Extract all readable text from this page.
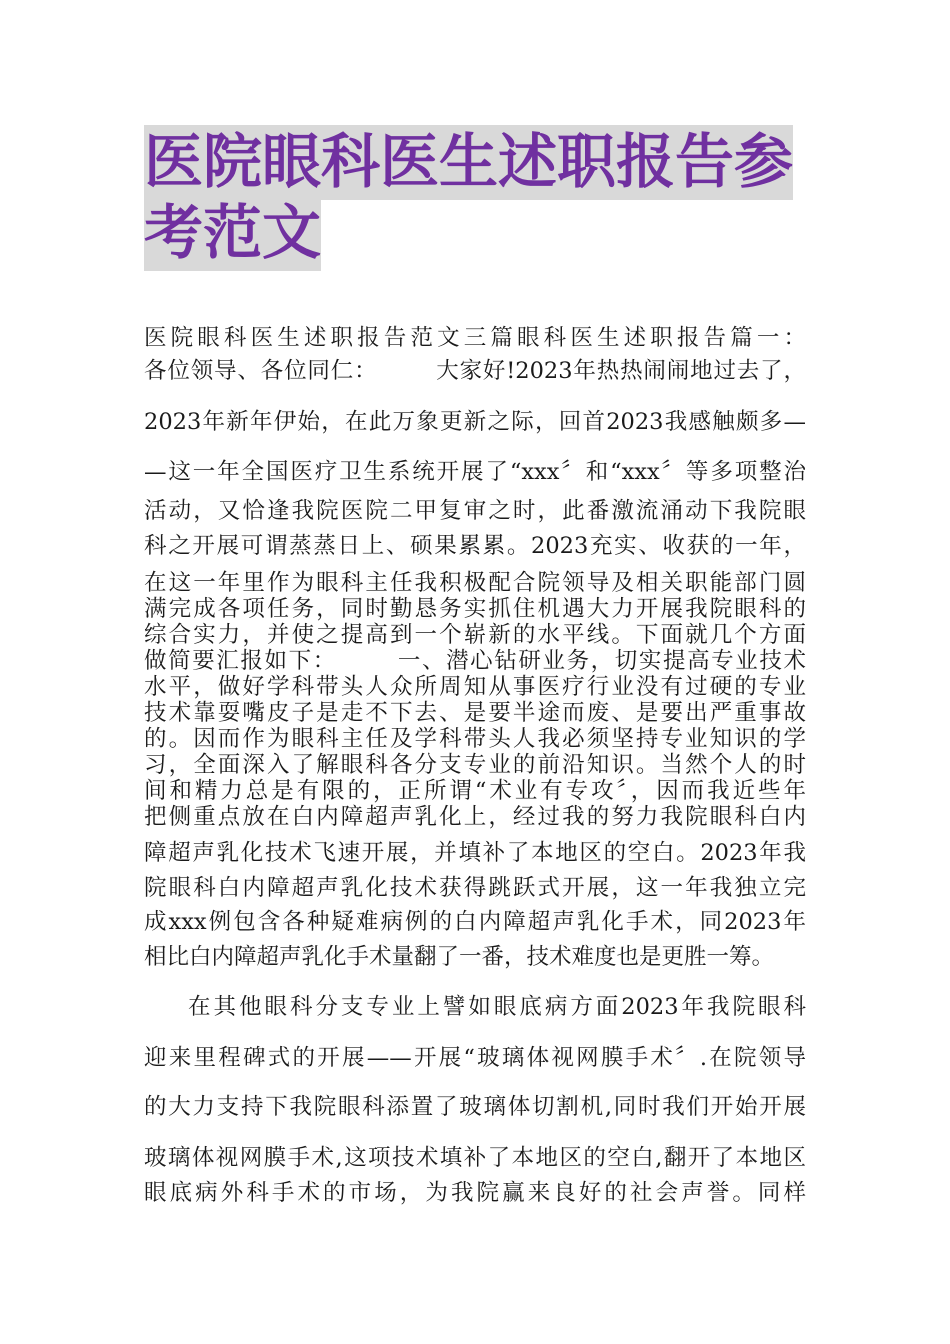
医院眼科医生述职报告参考范文

医院眼科医生述职报告范文三篇眼科医生述职报告篇一：

各位领导、各位同仁：　　　大家好!2023年热热闹闹地过去了，

2023年新年伊始，在此万象更新之际，回首2023我感触颇多—

—这一年全国医疗卫生系统开展了“xxx〞和“xxx〞等多项整治

活动，又恰逢我院医院二甲复审之时，此番激流涌动下我院眼

科之开展可谓蒸蒸日上、硕果累累。2023充实、收获的一年，

在这一年里作为眼科主任我积极配合院领导及相关职能部门圆

满完成各项任务，同时勤恳务实抓住机遇大力开展我院眼科的

综合实力，并使之提高到一个崭新的水平线。下面就几个方面

做简要汇报如下：　　　一、潜心钻研业务，切实提高专业技术

水平，做好学科带头人众所周知从事医疗行业没有过硬的专业

技术靠耍嘴皮子是走不下去、是要半途而废、是要出严重事故

的。因而作为眼科主任及学科带头人我必须坚持专业知识的学

习，全面深入了解眼科各分支专业的前沿知识。当然个人的时

间和精力总是有限的，正所谓“术业有专攻〞，因而我近些年

把侧重点放在白内障超声乳化上，经过我的努力我院眼科白内

障超声乳化技术飞速开展，并填补了本地区的空白。2023年我

院眼科白内障超声乳化技术获得跳跃式开展，这一年我独立完

成xxx例包含各种疑难病例的白内障超声乳化手术，同2023年

相比白内障超声乳化手术量翻了一番，技术难度也是更胜一筹。

在其他眼科分支专业上譬如眼底病方面2023年我院眼科

迎来里程碑式的开展——开展“玻璃体视网膜手术〞.在院领导

的大力支持下我院眼科添置了玻璃体切割机,同时我们开始开展

玻璃体视网膜手术,这项技术填补了本地区的空白,翻开了本地区

眼底病外科手术的市场，为我院赢来良好的社会声誉。同样
